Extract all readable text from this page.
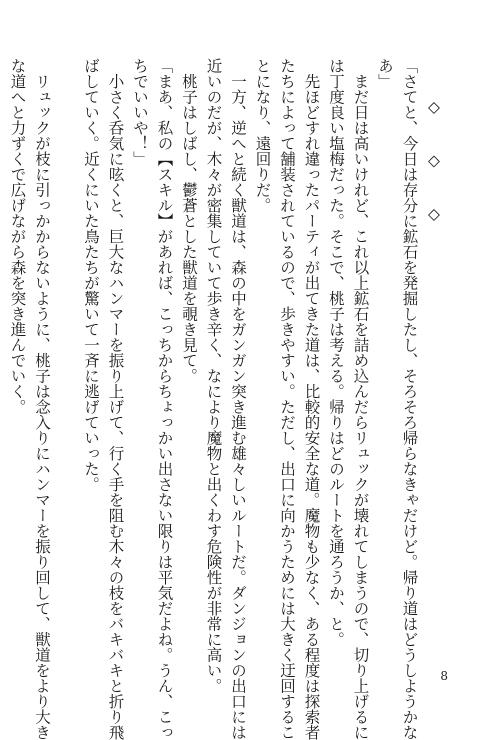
◇　◇　◇
「さてと、今日は存分に鉱石を発掘したし、そろそろ帰らなきゃだけど。帰り道はどうしようかな
あ」
　まだ日は高いけれど、これ以上鉱石を詰め込んだらリュックが壊れてしまうので、切り上げるに
は丁度良い塩梅だった。そこで、桃子は考える。帰りはどのルートを通ろうか、と。
　先ほどすれ違ったパーティが出てきた道は、比較的安全な道。魔物も少なく、ある程度は探索者
たちによって舗装されているので、歩きやすい。ただし、出口に向かうためには大きく迂回するこ
とになり、遠回りだ。
　一方、逆へと続く獣道は、森の中をガンガン突き進む雄々しいルートだ。ダンジョンの出口には
近いのだが、木々が密集していて歩き辛く、なにより魔物と出くわす危険性が非常に高い。
　桃子はしばし、鬱蒼とした獣道を覗き見て。
「まあ、私の【スキル】があれば、こっちからちょっかい出さない限りは平気だよね。うん、こっ
ちでいいや！」
　小さく呑気に呟くと、巨大なハンマーを振り上げて、行く手を阻む木々の枝をバキバキと折り飛
ばしていく。近くにいた鳥たちが驚いて一斉に逃げていった。

　リュックが枝に引っかからないように、桃子は念入りにハンマーを振り回して、獣道をより大き
な道へと力ずくで広げながら森を突き進んでいく。
8
